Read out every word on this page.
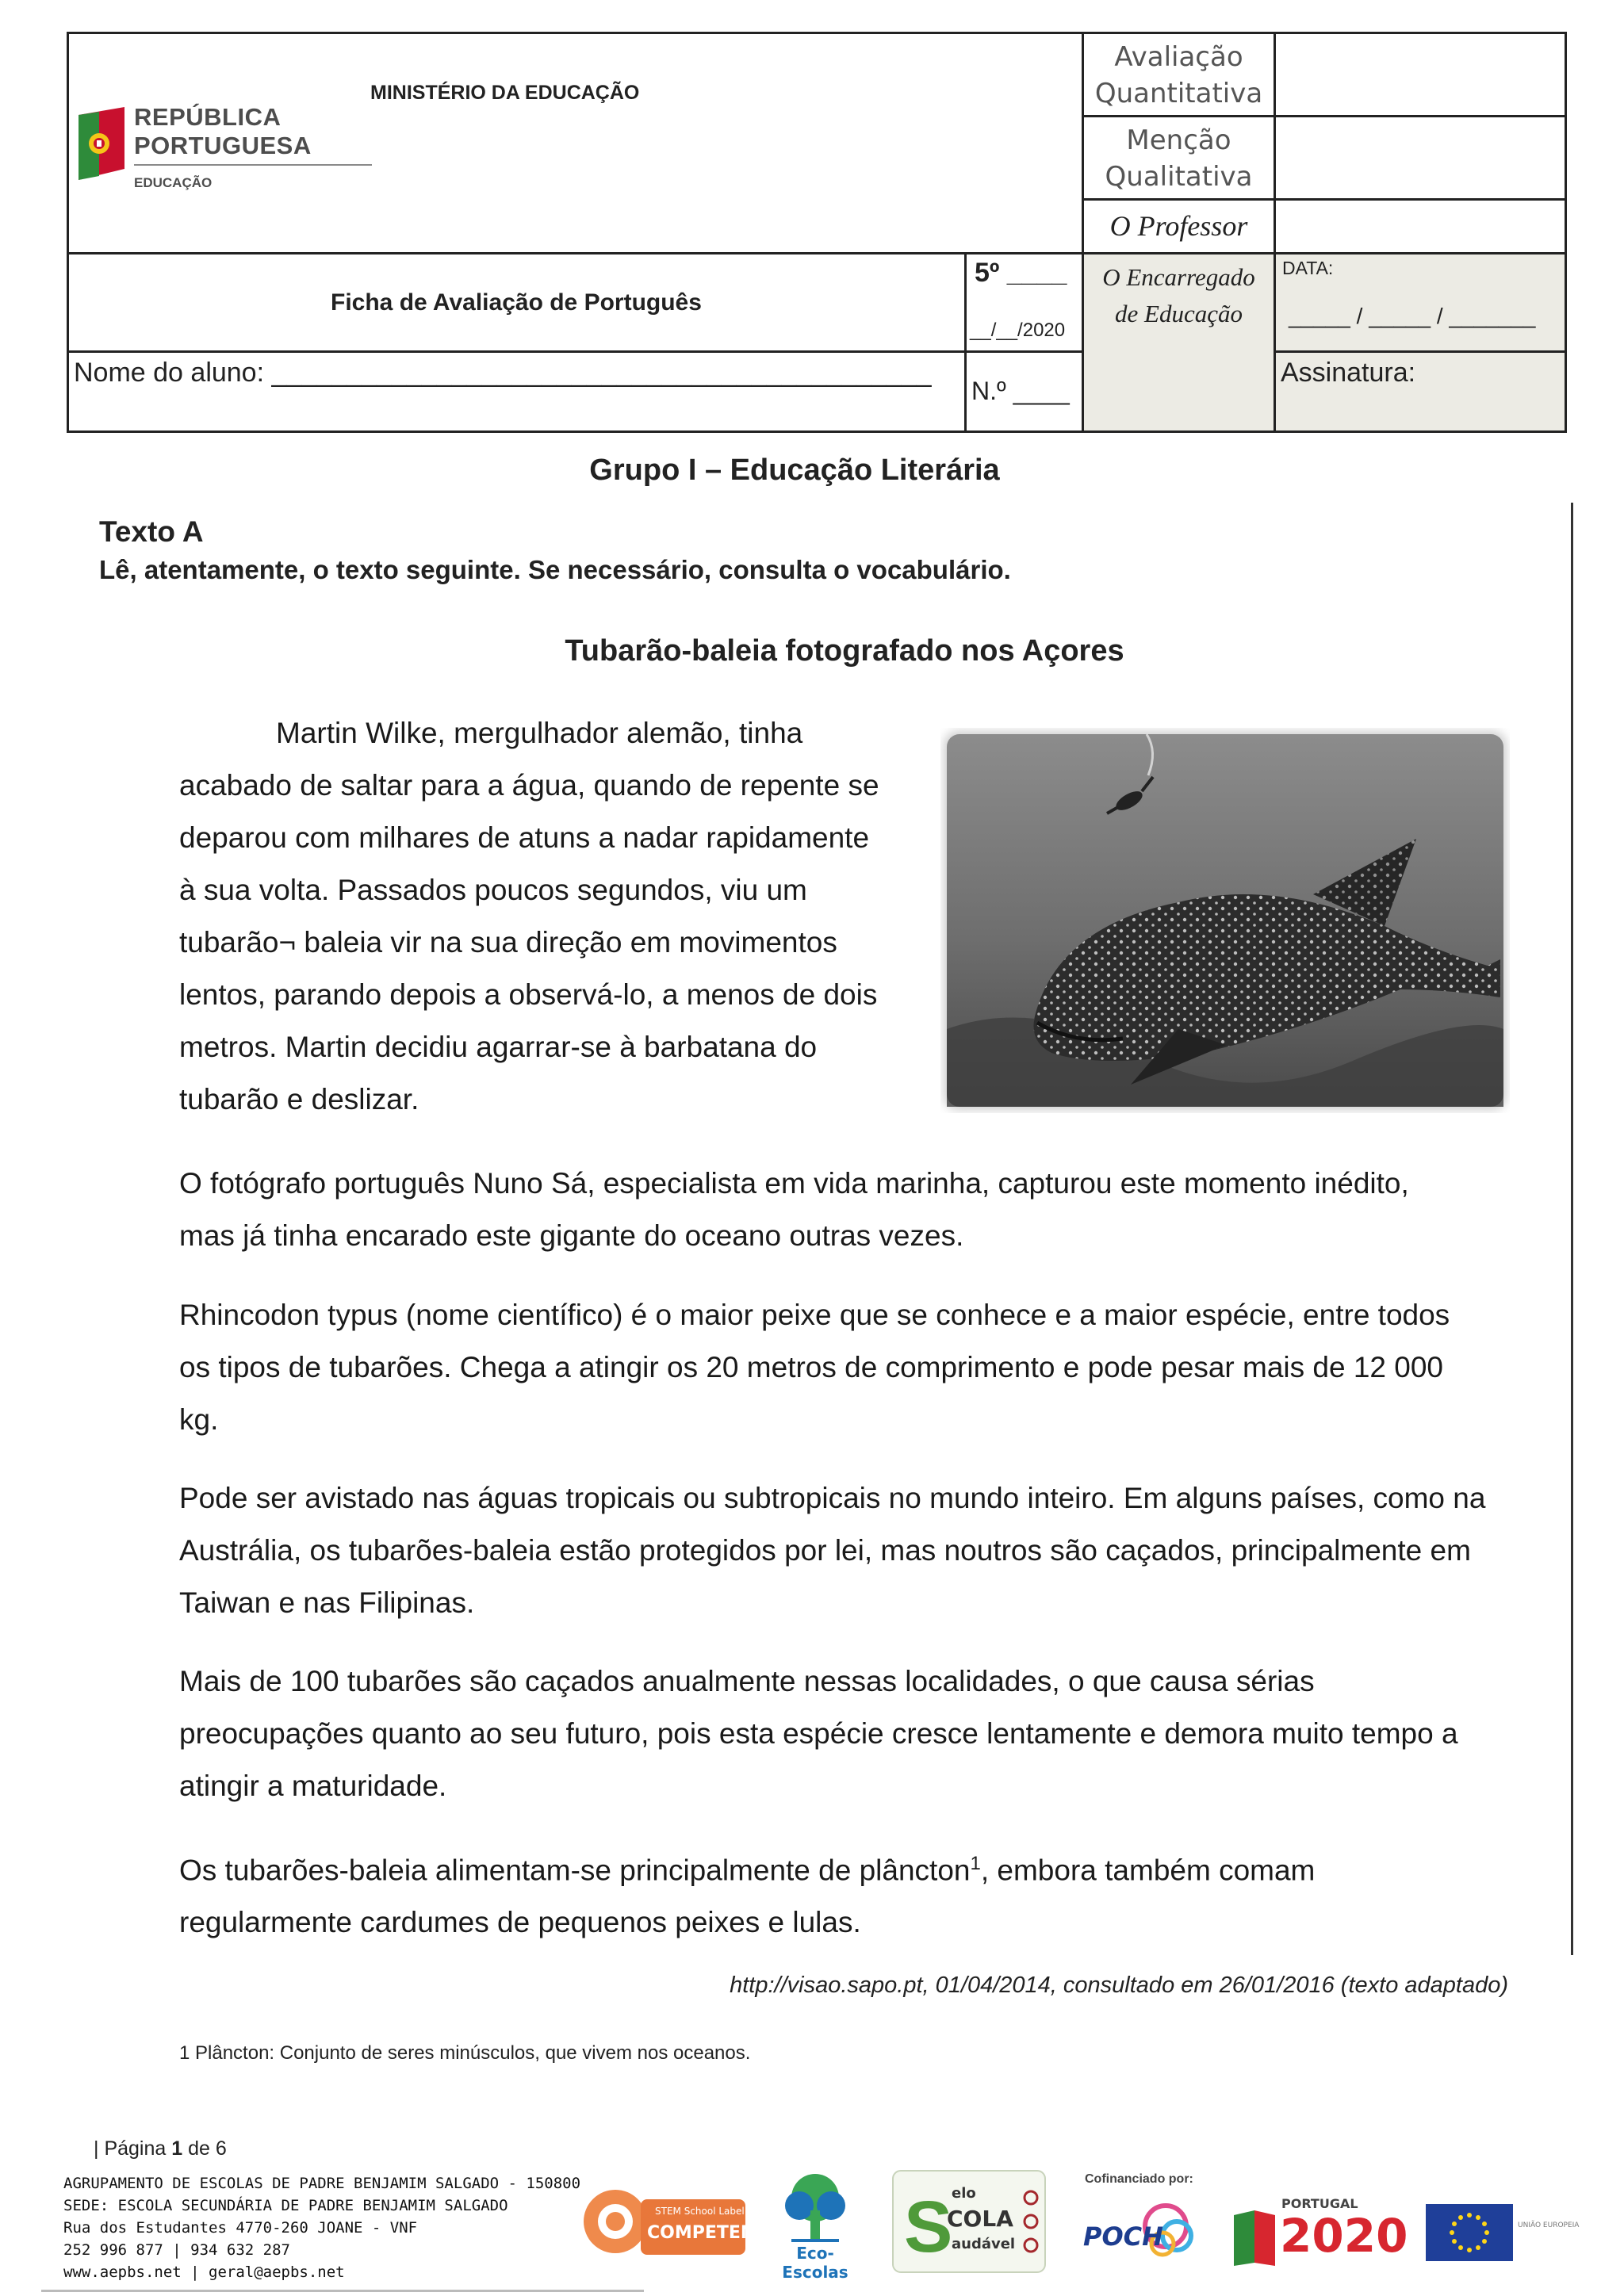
REPÚBLICA
PORTUGUESA
EDUCAÇÃO
MINISTÉRIO DA EDUCAÇÃO
Avaliação
Quantitativa
Menção
Qualitativa
O Professor
Ficha de Avaliação de Português
5º ____
__/__/2020
O Encarregado
de Educação
DATA:
_____ / _____ / _______
Nome do aluno: ____________________________________________
N.º ____
Assinatura:
Grupo I – Educação Literária
Texto A
Lê, atentamente, o texto seguinte. Se necessário, consulta o vocabulário.
Tubarão-baleia fotografado nos Açores
Martin Wilke, mergulhador alemão, tinha
acabado de saltar para a água, quando de repente se
deparou com milhares de atuns a nadar rapidamente
à sua volta. Passados poucos segundos, viu um
tubarão¬ baleia vir na sua direção em movimentos
lentos, parando depois a observá-lo, a menos de dois
metros. Martin decidiu agarrar-se à barbatana do
tubarão e deslizar.
O fotógrafo português Nuno Sá, especialista em vida marinha, capturou este momento inédito,
mas já tinha encarado este gigante do oceano outras vezes.
Rhincodon typus (nome científico) é o maior peixe que se conhece e a maior espécie, entre todos
os tipos de tubarões. Chega a atingir os 20 metros de comprimento e pode pesar mais de 12 000
kg.
Pode ser avistado nas águas tropicais ou subtropicais no mundo inteiro. Em alguns países, como na
Austrália, os tubarões-baleia estão protegidos por lei, mas noutros são caçados, principalmente em
Taiwan e nas Filipinas.
Mais de 100 tubarões são caçados anualmente nessas localidades, o que causa sérias
preocupações quanto ao seu futuro, pois esta espécie cresce lentamente e demora muito tempo a
atingir a maturidade.
Os tubarões-baleia alimentam-se principalmente de plâncton$^1$, embora também comam
regularmente cardumes de pequenos peixes e lulas.
http://visao.sapo.pt, 01/04/2014, consultado em 26/01/2016 (texto adaptado)
1 Plâncton: Conjunto de seres minúsculos, que vivem nos oceanos.
| Página 1 de 6
AGRUPAMENTO DE ESCOLAS DE PADRE BENJAMIM SALGADO - 150800
SEDE: ESCOLA SECUNDÁRIA DE PADRE BENJAMIM SALGADO
Rua dos Estudantes 4770-260 JOANE - VNF
252 996 877 | 934 632 287
www.aepbs.net | geral@aepbs.net
STEM School Label
COMPETENT
Eco-Escolas
S
elo
COLA
audável
Cofinanciado por:
POCH
PORTUGAL
2020	UNIÃO EUROPEIA
